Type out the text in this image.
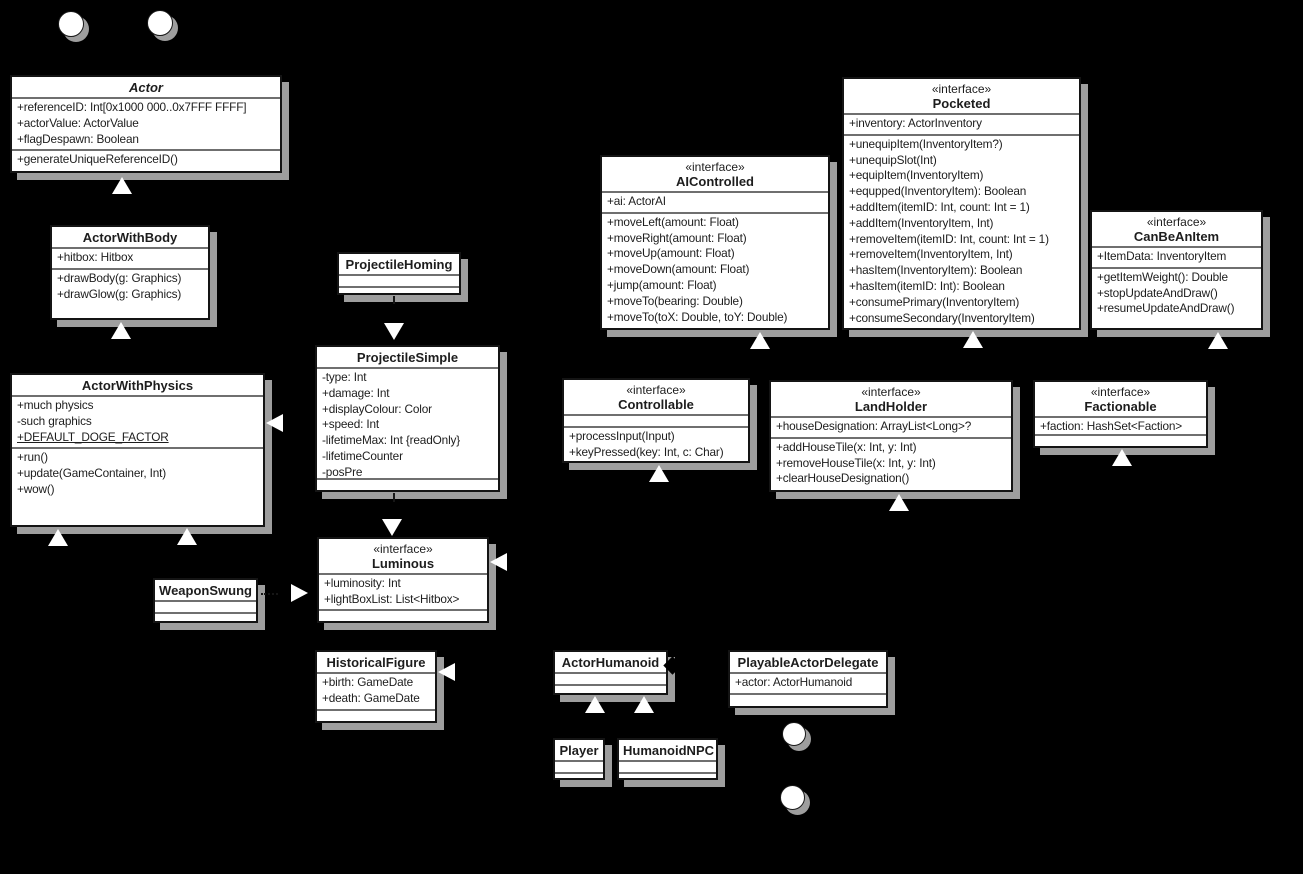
Actor
+referenceID: Int[0x1000 000..0x7FFF FFFF]
+actorValue: ActorValue
+flagDespawn: Boolean
+generateUniqueReferenceID()
ActorWithBody
+hitbox: Hitbox
+drawBody(g: Graphics)
+drawGlow(g: Graphics)
ActorWithPhysics
+much physics
-such graphics
+DEFAULT_DOGE_FACTOR
+run()
+update(GameContainer, Int)
+wow()
ProjectileHoming
ProjectileSimple
-type: Int
+damage: Int
+displayColour: Color
+speed: Int
-lifetimeMax: Int {readOnly}
-lifetimeCounter
-posPre
«interface»
Luminous
+luminosity: Int
+lightBoxList: List<Hitbox>
WeaponSwung
HistoricalFigure
+birth: GameDate
+death: GameDate
«interface»
AIControlled
+ai: ActorAI
+moveLeft(amount: Float)
+moveRight(amount: Float)
+moveUp(amount: Float)
+moveDown(amount: Float)
+jump(amount: Float)
+moveTo(bearing: Double)
+moveTo(toX: Double, toY: Double)
«interface»
Controllable
+processInput(Input)
+keyPressed(key: Int, c: Char)
«interface»
Pocketed
+inventory: ActorInventory
+unequipItem(InventoryItem?)
+unequipSlot(Int)
+equipItem(InventoryItem)
+equpped(InventoryItem): Boolean
+addItem(itemID: Int, count: Int = 1)
+addItem(InventoryItem, Int)
+removeItem(itemID: Int, count: Int = 1)
+removeItem(InventoryItem, Int)
+hasItem(InventoryItem): Boolean
+hasItem(itemID: Int): Boolean
+consumePrimary(InventoryItem)
+consumeSecondary(InventoryItem)
«interface»
LandHolder
+houseDesignation: ArrayList<Long>?
+addHouseTile(x: Int, y: Int)
+removeHouseTile(x: Int, y: Int)
+clearHouseDesignation()
«interface»
CanBeAnItem
+ItemData: InventoryItem
+getItemWeight(): Double
+stopUpdateAndDraw()
+resumeUpdateAndDraw()
«interface»
Factionable
+faction: HashSet<Faction>
ActorHumanoid	PlayableActorDelegate
+actor: ActorHumanoid
Player HumanoidNPC
